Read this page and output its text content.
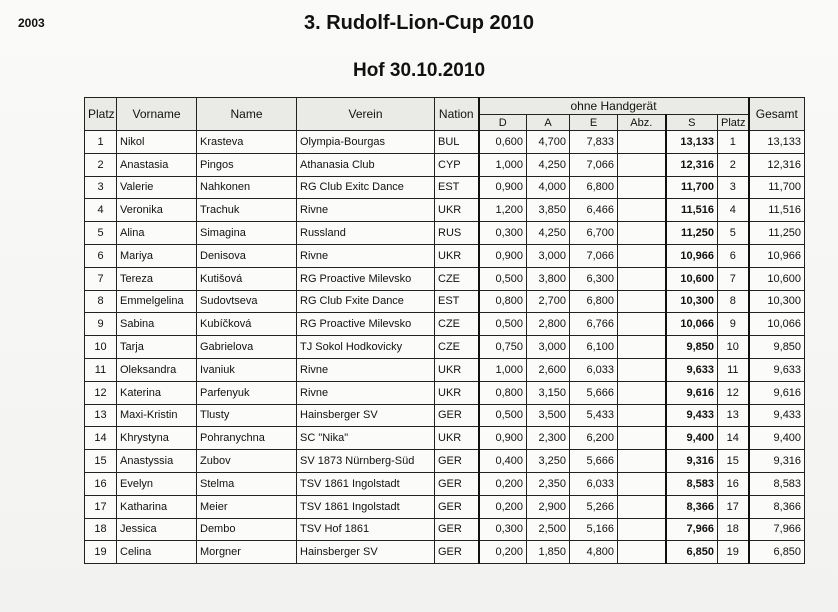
2003	3. Rudolf-Lion-Cup 2010
Hof 30.10.2010
Platz	Vorname	Name	Verein	Nation	ohne Handgerät						Gesamt
					D	A	E	Abz.	S	Platz	
1	Nikol	Krasteva	Olympia-Bourgas	BUL	0,600	4,700	7,833		13,133	1	13,133
2	Anastasia	Pingos	Athanasia Club	CYP	1,000	4,250	7,066		12,316	2	12,316
3	Valerie	Nahkonen	RG Club Exitc Dance	EST	0,900	4,000	6,800		11,700	3	11,700
4	Veronika	Trachuk	Rivne	UKR	1,200	3,850	6,466		11,516	4	11,516
5	Alina	Simagina	Russland	RUS	0,300	4,250	6,700		11,250	5	11,250
6	Mariya	Denisova	Rivne	UKR	0,900	3,000	7,066		10,966	6	10,966
7	Tereza	Kutišová	RG Proactive Milevsko	CZE	0,500	3,800	6,300		10,600	7	10,600
8	Emmelgelina	Sudovtseva	RG Club Fxite Dance	EST	0,800	2,700	6,800		10,300	8	10,300
9	Sabina	Kubíčková	RG Proactive Milevsko	CZE	0,500	2,800	6,766		10,066	9	10,066
10	Tarja	Gabrielova	TJ Sokol Hodkovicky	CZE	0,750	3,000	6,100		9,850	10	9,850
11	Oleksandra	Ivaniuk	Rivne	UKR	1,000	2,600	6,033		9,633	11	9,633
12	Katerina	Parfenyuk	Rivne	UKR	0,800	3,150	5,666		9,616	12	9,616
13	Maxi-Kristin	Tlusty	Hainsberger SV	GER	0,500	3,500	5,433		9,433	13	9,433
14	Khrystyna	Pohranychna	SC "Nika"	UKR	0,900	2,300	6,200		9,400	14	9,400
15	Anastyssia	Zubov	SV 1873 Nürnberg-Süd	GER	0,400	3,250	5,666		9,316	15	9,316
16	Evelyn	Stelma	TSV 1861 Ingolstadt	GER	0,200	2,350	6,033		8,583	16	8,583
17	Katharina	Meier	TSV 1861 Ingolstadt	GER	0,200	2,900	5,266		8,366	17	8,366
18	Jessica	Dembo	TSV Hof 1861	GER	0,300	2,500	5,166		7,966	18	7,966
19	Celina	Morgner	Hainsberger SV	GER	0,200	1,850	4,800		6,850	19	6,850
